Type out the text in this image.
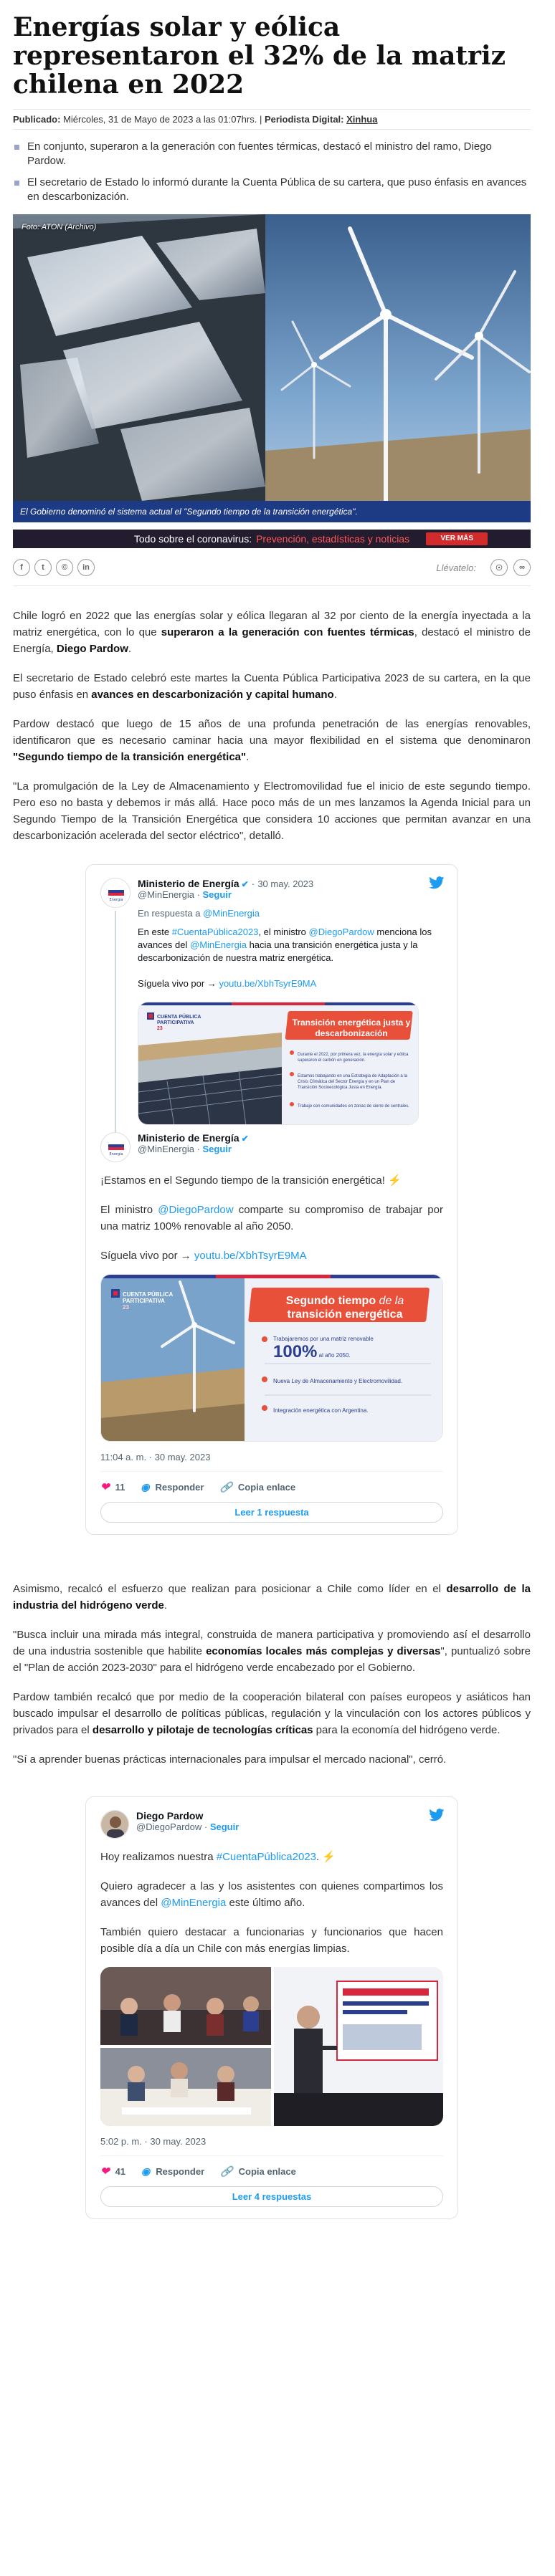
Energías solar y eólica representaron el 32% de la matriz chilena en 2022
Publicado: Miércoles, 31 de Mayo de 2023 a las 01:07hrs. | Periodista Digital: Xinhua
En conjunto, superaron a la generación con fuentes térmicas, destacó el ministro del ramo, Diego Pardow.
El secretario de Estado lo informó durante la Cuenta Pública de su cartera, que puso énfasis en avances en descarbonización.
Foto: ATON (Archivo)
El Gobierno denominó el sistema actual el "Segundo tiempo de la transición energética".
Todo sobre el coronavirus: Prevención, estadísticas y noticias	VER MÁS
f	t	©	in	Llévatelo:	☉	∞

Chile logró en 2022 que las energías solar y eólica llegaran al 32 por ciento de la energía inyectada a la matriz energética, con lo que superaron a la generación con fuentes térmicas, destacó el ministro de Energía, Diego Pardow.

El secretario de Estado celebró este martes la Cuenta Pública Participativa 2023 de su cartera, en la que puso énfasis en avances en descarbonización y capital humano.

Pardow destacó que luego de 15 años de una profunda penetración de las energías renovables, identificaron que es necesario caminar hacia una mayor flexibilidad en el sistema que denominaron "Segundo tiempo de la transición energética".

"La promulgación de la Ley de Almacenamiento y Electromovilidad fue el inicio de este segundo tiempo. Pero eso no basta y debemos ir más allá. Hace poco más de un mes lanzamos la Agenda Inicial para un Segundo Tiempo de la Transición Energética que considera 10 acciones que permitan avanzar en una descarbonización acelerada del sector eléctrico", detalló.

Energía
Ministerio de Energía ✔ · 30 may. 2023
@MinEnergia · Seguir
En respuesta a @MinEnergia
En este #CuentaPública2023, el ministro @DiegoPardow menciona los avances del @MinEnergia hacia una transición energética justa y la descarbonización de nuestra matriz energética.

Síguela vivo por → youtu.be/XbhTsyrE9MA
CUENTA PÚBLICA
PARTICIPATIVA
23
Transición energética justa y descarbonización
Durante el 2022, por primera vez, la energía solar y eólica superaron el carbón en generación.
Estamos trabajando en una Estrategia de Adaptación a la Crisis Climática del Sector Energía y en un Plan de Transición Socioecológica Justa en Energía.
Trabajo con comunidades en zonas de cierre de centrales.
Energía
Ministerio de Energía ✔
@MinEnergia · Seguir

¡Estamos en el Segundo tiempo de la transición energética! ⚡

El ministro @DiegoPardow comparte su compromiso de trabajar por una matriz 100% renovable al año 2050.

Síguela vivo por → youtu.be/XbhTsyrE9MA

CUENTA PÚBLICA
PARTICIPATIVA
23
Segundo tiempo de la
transición energética
Trabajaremos por una matriz renovable
100% al año 2050.
Nueva Ley de Almacenamiento y Electromovilidad.
Integración energética con Argentina.
11:04 a. m. · 30 may. 2023
❤ 11 ◉ Responder 🔗 Copia enlace
Leer 1 respuesta

Asimismo, recalcó el esfuerzo que realizan para posicionar a Chile como líder en el desarrollo de la industria del hidrógeno verde.

"Busca incluir una mirada más integral, construida de manera participativa y promoviendo así el desarrollo de una industria sostenible que habilite economías locales más complejas y diversas", puntualizó sobre el "Plan de acción 2023-2030" para el hidrógeno verde encabezado por el Gobierno.

Pardow también recalcó que por medio de la cooperación bilateral con países europeos y asiáticos han buscado impulsar el desarrollo de políticas públicas, regulación y la vinculación con los actores públicos y privados para el desarrollo y pilotaje de tecnologías críticas para la economía del hidrógeno verde.

"Sí a aprender buenas prácticas internacionales para impulsar el mercado nacional", cerró.

Diego Pardow
@DiegoPardow · Seguir

Hoy realizamos nuestra #CuentaPública2023. ⚡

Quiero agradecer a las y los asistentes con quienes compartimos los avances del @MinEnergia este último año.

También quiero destacar a funcionarias y funcionarios que hacen posible día a día un Chile con más energías limpias.

5:02 p. m. · 30 may. 2023
❤ 41 ◉ Responder 🔗 Copia enlace
Leer 4 respuestas
